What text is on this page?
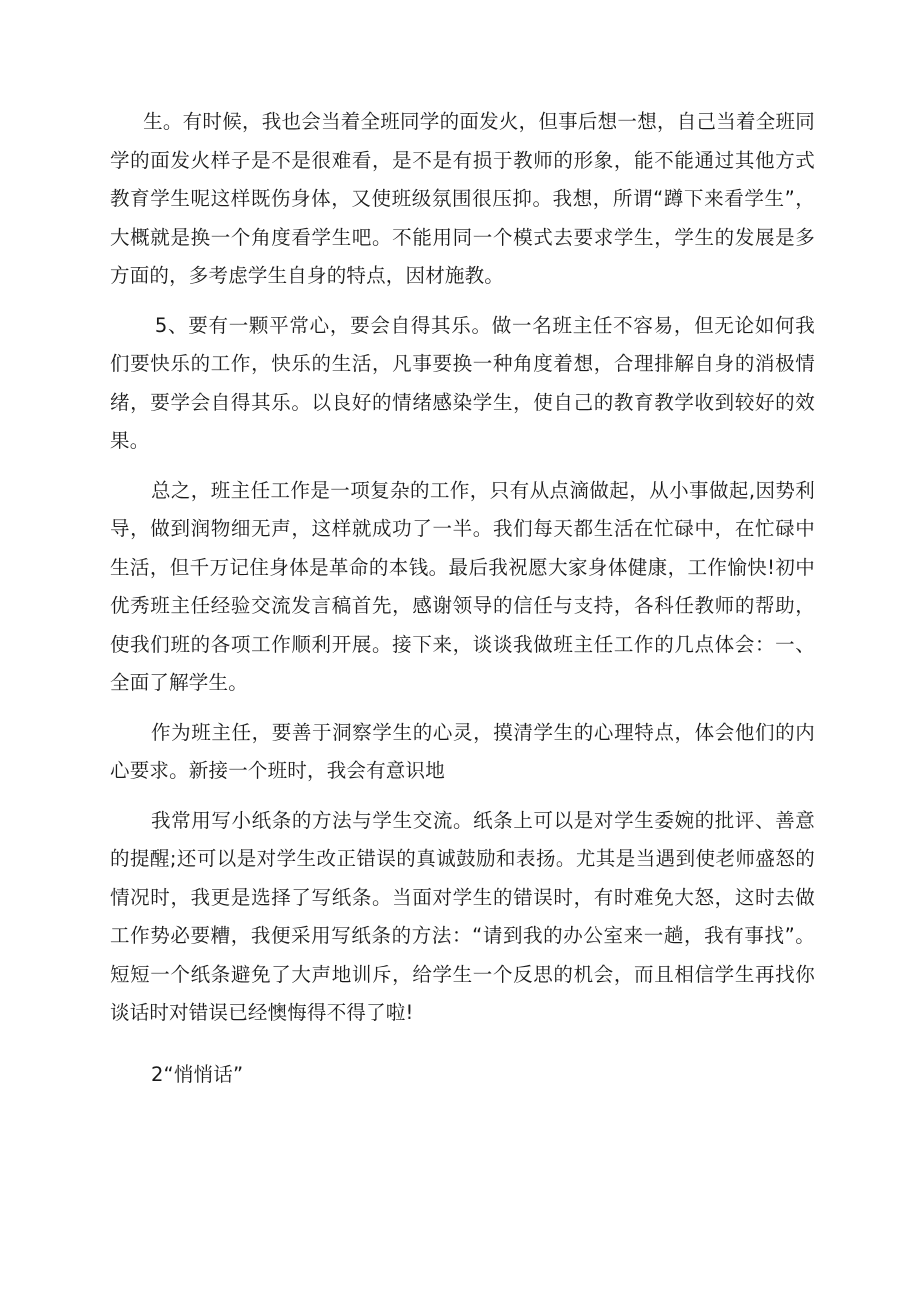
生。有时候，我也会当着全班同学的面发火，但事后想一想，自己当着全班同学的面发火样子是不是很难看，是不是有损于教师的形象，能不能通过其他方式教育学生呢这样既伤身体，又使班级氛围很压抑。我想，所谓“蹲下来看学生”，大概就是换一个角度看学生吧。不能用同一个模式去要求学生，学生的发展是多方面的，多考虑学生自身的特点，因材施教。

5、要有一颗平常心，要会自得其乐。做一名班主任不容易，但无论如何我们要快乐的工作，快乐的生活，凡事要换一种角度着想，合理排解自身的消极情绪，要学会自得其乐。以良好的情绪感染学生，使自己的教育教学收到较好的效果。

总之，班主任工作是一项复杂的工作，只有从点滴做起，从小事做起,因势利导，做到润物细无声，这样就成功了一半。我们每天都生活在忙碌中，在忙碌中生活，但千万记住身体是革命的本钱。最后我祝愿大家身体健康，工作愉快!初中优秀班主任经验交流发言稿首先，感谢领导的信任与支持，各科任教师的帮助，使我们班的各项工作顺利开展。接下来，谈谈我做班主任工作的几点体会：一、全面了解学生。

作为班主任，要善于洞察学生的心灵，摸清学生的心理特点，体会他们的内心要求。新接一个班时，我会有意识地

我常用写小纸条的方法与学生交流。纸条上可以是对学生委婉的批评、善意的提醒;还可以是对学生改正错误的真诚鼓励和表扬。尤其是当遇到使老师盛怒的情况时，我更是选择了写纸条。当面对学生的错误时，有时难免大怒，这时去做工作势必要糟，我便采用写纸条的方法：“请到我的办公室来一趟，我有事找”。短短一个纸条避免了大声地训斥，给学生一个反思的机会，而且相信学生再找你谈话时对错误已经懊悔得不得了啦!

2“悄悄话”
